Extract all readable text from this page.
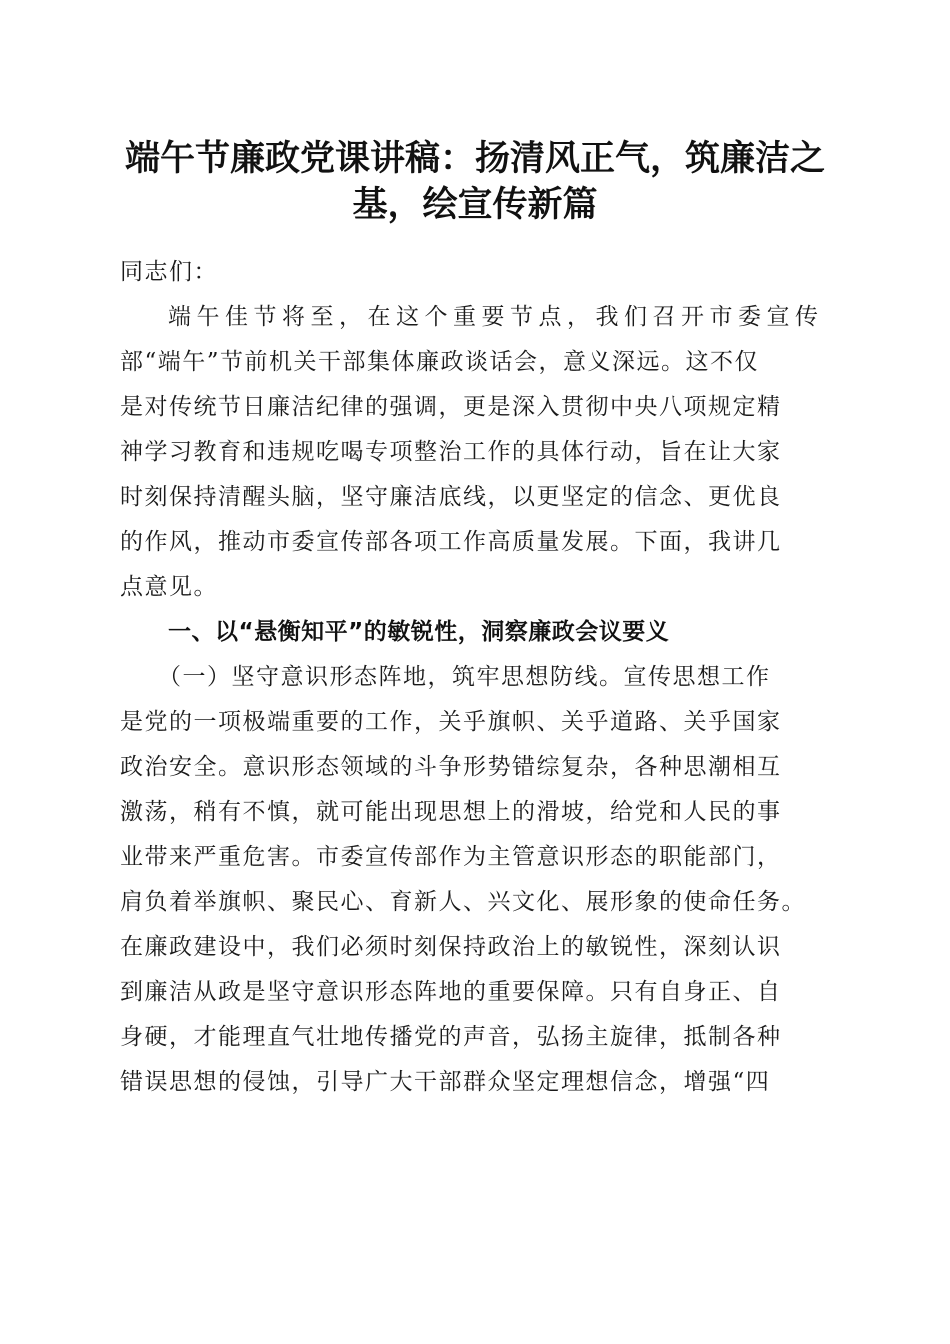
端午节廉政党课讲稿：扬清风正气，筑廉洁之
基，绘宣传新篇
同志们：
端午佳节将至，在这个重要节点，我们召开市委宣传
部“端午”节前机关干部集体廉政谈话会，意义深远。这不仅
是对传统节日廉洁纪律的强调，更是深入贯彻中央八项规定精
神学习教育和违规吃喝专项整治工作的具体行动，旨在让大家
时刻保持清醒头脑，坚守廉洁底线，以更坚定的信念、更优良
的作风，推动市委宣传部各项工作高质量发展。下面，我讲几
点意见。
一、以“悬衡知平”的敏锐性，洞察廉政会议要义
（一）坚守意识形态阵地，筑牢思想防线。宣传思想工作
是党的一项极端重要的工作，关乎旗帜、关乎道路、关乎国家
政治安全。意识形态领域的斗争形势错综复杂，各种思潮相互
激荡，稍有不慎，就可能出现思想上的滑坡，给党和人民的事
业带来严重危害。市委宣传部作为主管意识形态的职能部门，
肩负着举旗帜、聚民心、育新人、兴文化、展形象的使命任务。
在廉政建设中，我们必须时刻保持政治上的敏锐性，深刻认识
到廉洁从政是坚守意识形态阵地的重要保障。只有自身正、自
身硬，才能理直气壮地传播党的声音，弘扬主旋律，抵制各种
错误思想的侵蚀，引导广大干部群众坚定理想信念，增强“四
